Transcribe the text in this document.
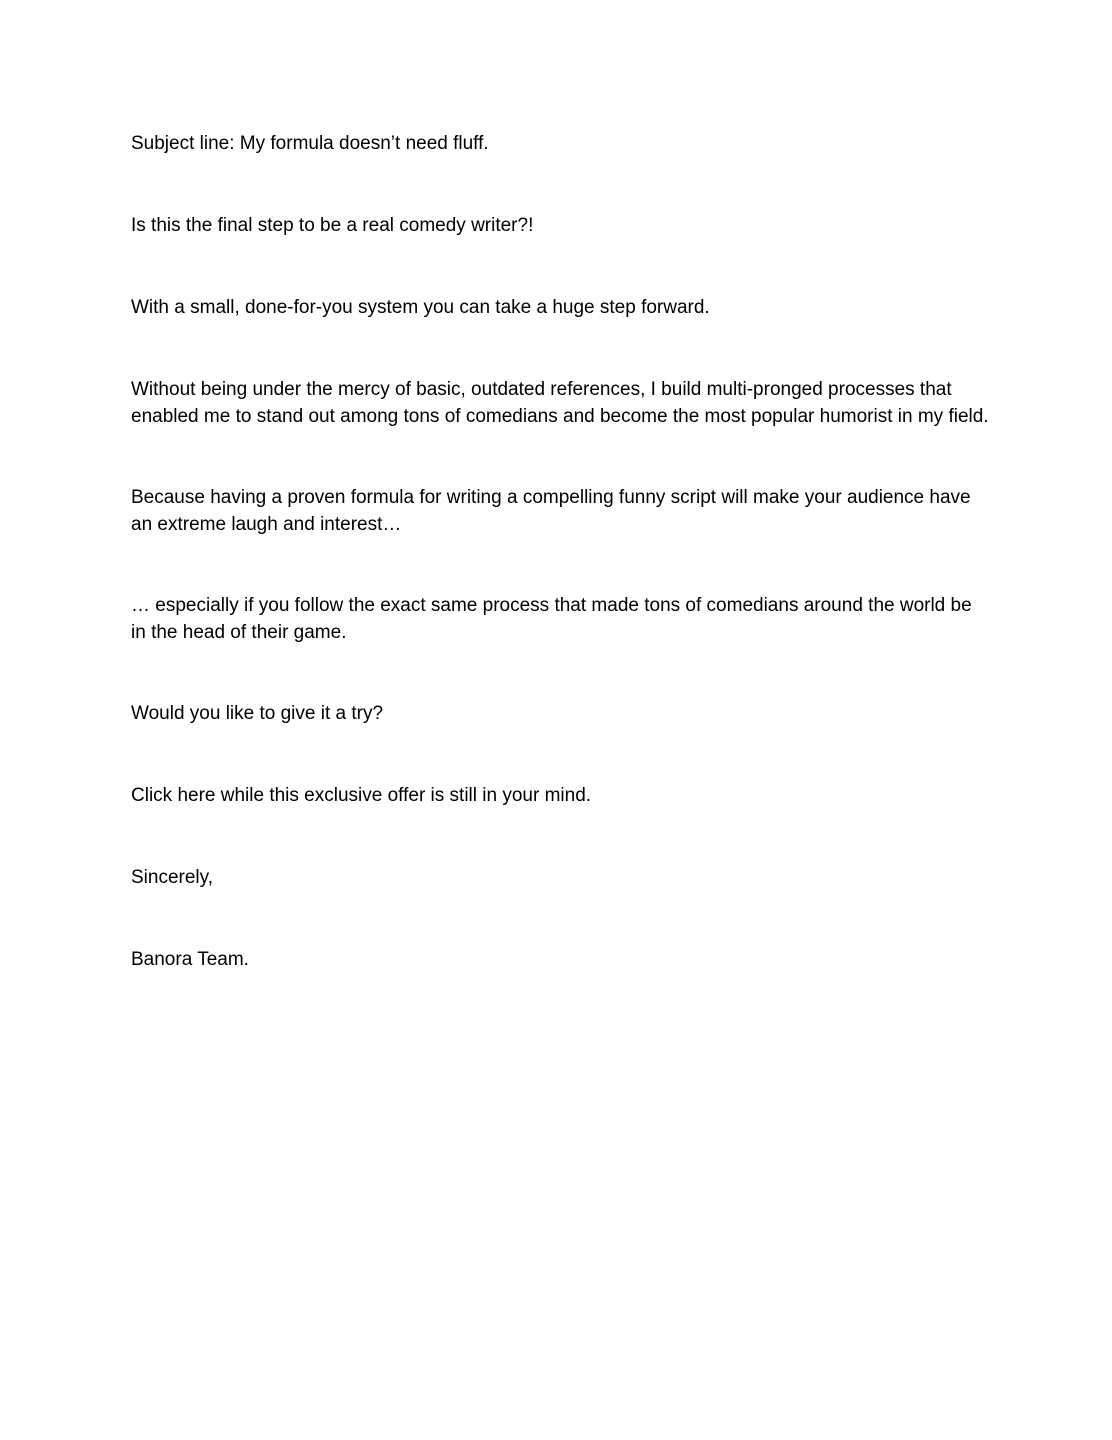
Subject line: My formula doesn’t need fluff.

Is this the final step to be a real comedy writer?!

With a small, done-for-you system you can take a huge step forward.

Without being under the mercy of basic, outdated references, I build multi-pronged processes that enabled me to stand out among tons of comedians and become the most popular humorist in my field.

Because having a proven formula for writing a compelling funny script will make your audience have an extreme laugh and interest…

… especially if you follow the exact same process that made tons of comedians around the world be in the head of their game.

Would you like to give it a try?

Click here while this exclusive offer is still in your mind.

Sincerely,

Banora Team.
